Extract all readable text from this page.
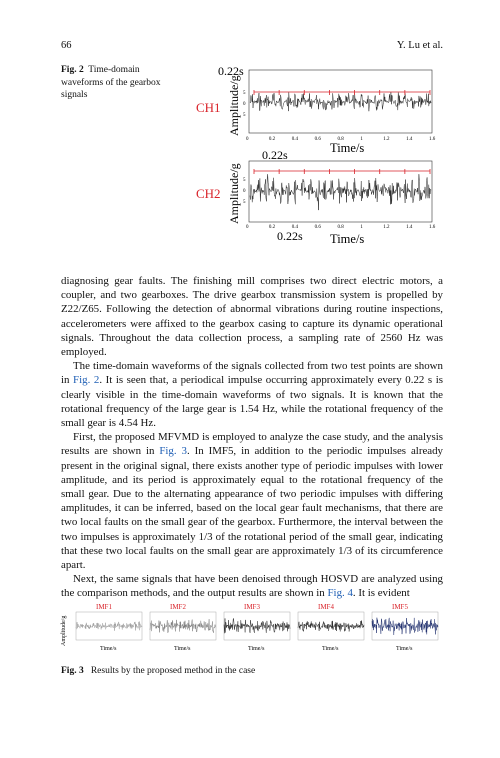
66	Y. Lu et al.
Fig. 2 Time-domain waveforms of the gearbox signals
0.22s
CH1 Amplitude/g 5
0
5
0	0.2	0.4	0.6	0.8	1	1.2	1.4	1.6
Time/s
0.22s
CH2 Amplitude/g 5
0
5
0	0.2	0.4	0.6	0.8	1	1.2	1.4	1.6
0.22s Time/s

diagnosing gear faults. The finishing mill comprises two direct electric motors, a coupler, and two gearboxes. The drive gearbox transmission system is propelled by Z22/Z65. Following the detection of abnormal vibrations during routine inspections, accelerometers were affixed to the gearbox casing to capture its dynamic operational signals. Throughout the data collection process, a sampling rate of 2560 Hz was employed.

The time-domain waveforms of the signals collected from two test points are shown in Fig. 2. It is seen that, a periodical impulse occurring approximately every 0.22 s is clearly visible in the time-domain waveforms of two signals. It is known that the rotational frequency of the large gear is 1.54 Hz, while the rotational frequency of the small gear is 4.54 Hz.

First, the proposed MFVMD is employed to analyze the case study, and the analysis results are shown in Fig. 3. In IMF5, in addition to the periodic impulses already present in the original signal, there exists another type of periodic impulses with lower amplitude, and its period is approximately equal to the rotational frequency of the small gear. Due to the alternating appearance of two periodic impulses with differing amplitudes, it can be inferred, based on the local gear fault mechanisms, that there are two local faults on the small gear of the gearbox. Furthermore, the interval between the two impulses is approximately 1/3 of the rotational period of the small gear, indicating that these two local faults on the small gear are approximately 1/3 of its circumference apart.

Next, the same signals that have been denoised through HOSVD are analyzed using the comparison methods, and the output results are shown in Fig. 4. It is evident

Amplitude/g
IMF1
Time/s
IMF2
Time/s
IMF3
Time/s
IMF4
Time/s
IMF5
Time/s
Fig. 3 Results by the proposed method in the case
